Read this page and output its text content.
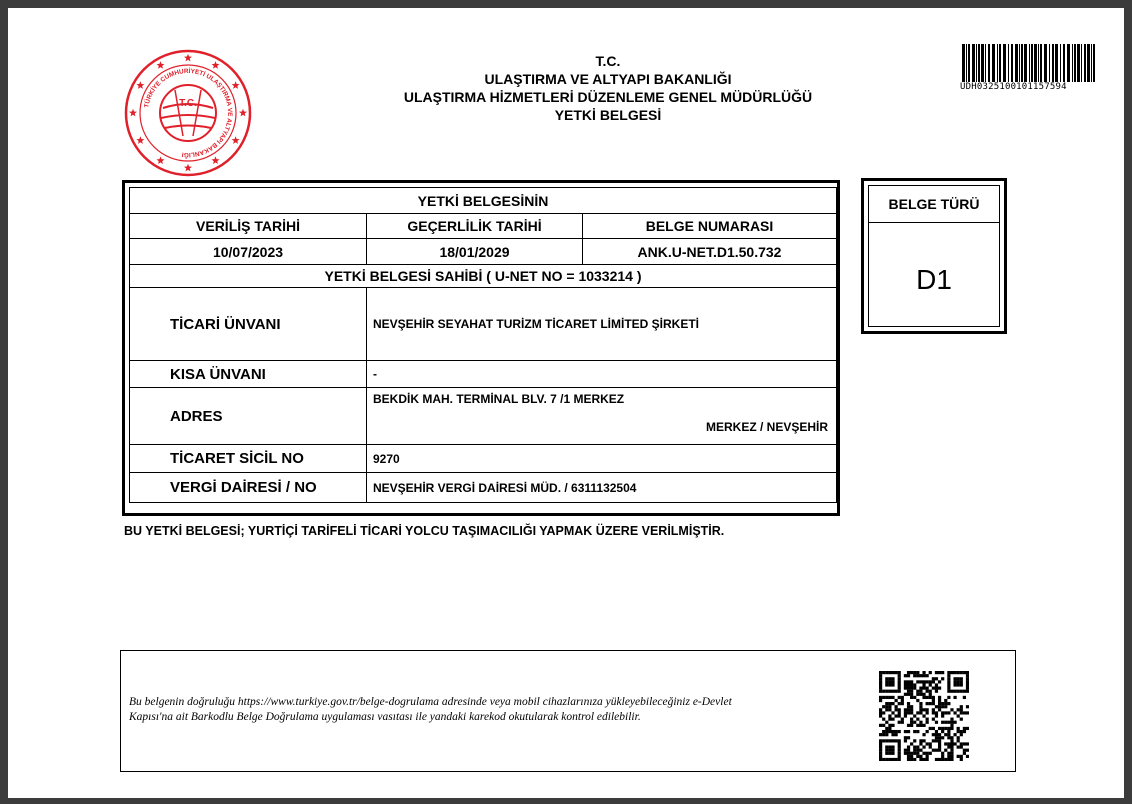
T.C.
TÜRKİYE CUMHURİYETİ ULAŞTIRMA VE ALTYAPI BAKANLIĞI
T.C.
ULAŞTIRMA VE ALTYAPI BAKANLIĞI
ULAŞTIRMA HİZMETLERİ DÜZENLEME GENEL MÜDÜRLÜĞÜ
YETKİ BELGESİ
UDH0325100101157594
YETKİ BELGESİNİN		
VERİLİŞ TARİHİ	GEÇERLİLİK TARİHİ	BELGE NUMARASI
10/07/2023	18/01/2029	ANK.U-NET.D1.50.732
YETKİ BELGESİ SAHİBİ ( U-NET NO = 1033214 )		
TİCARİ ÜNVANI	NEVŞEHİR SEYAHAT TURİZM TİCARET LİMİTED ŞİRKETİ	
KISA ÜNVANI	-	
ADRES	BEKDİK MAH. TERMİNAL BLV. 7 /1 MERKEZ
MERKEZ / NEVŞEHİR	

TİCARET SİCİL NO	9270	
VERGİ DAİRESİ / NO	NEVŞEHİR VERGİ DAİRESİ MÜD. / 6311132504	
BELGE TÜRÜ
D1
BU YETKİ BELGESİ; YURTİÇİ TARİFELİ TİCARİ YOLCU TAŞIMACILIĞI YAPMAK ÜZERE VERİLMİŞTİR.
Bu belgenin doğruluğu https://www.turkiye.gov.tr/belge-dogrulama adresinde veya mobil cihazlarınıza yükleyebileceğiniz e-Devlet
Kapısı'na ait Barkodlu Belge Doğrulama uygulaması vasıtası ile yandaki karekod okutularak kontrol edilebilir.
